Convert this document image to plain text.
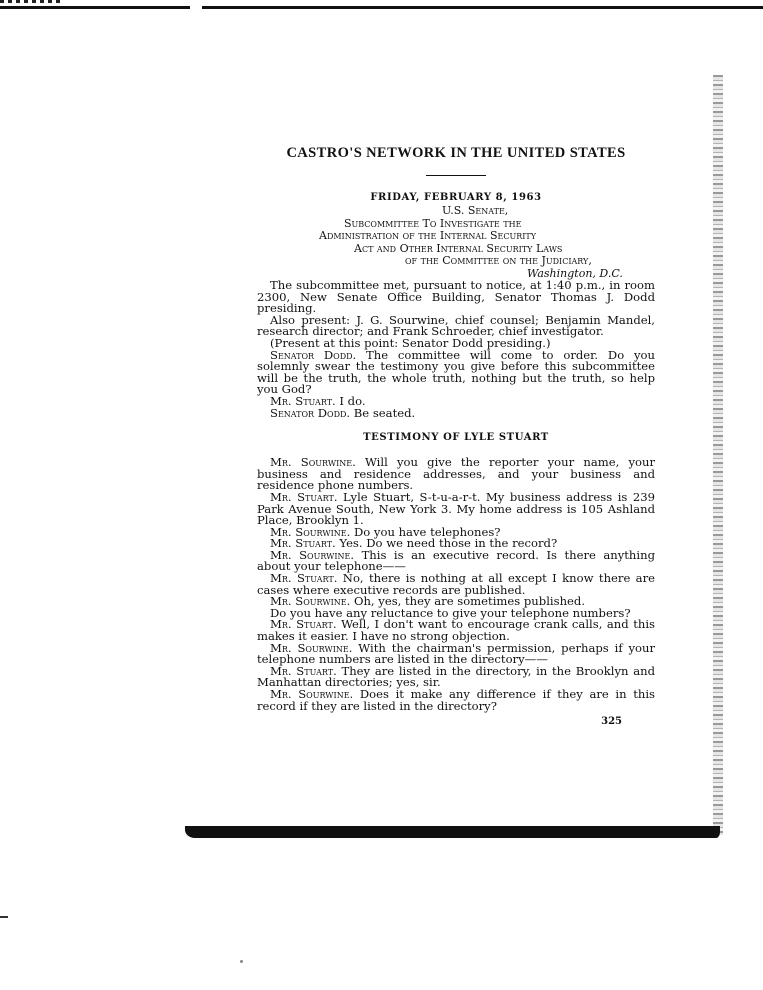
CASTRO'S NETWORK IN THE UNITED STATES
FRIDAY, FEBRUARY 8, 1963
U.S. Senate,
Subcommittee To Investigate the
Administration of the Internal Security
Act and Other Internal Security Laws
of the Committee on the Judiciary,
Washington, D.C.

The subcommittee met, pursuant to notice, at 1:40 p.m., in room 2300, New Senate Office Building, Senator Thomas J. Dodd presiding.

Also present: J. G. Sourwine, chief counsel; Benjamin Mandel, research director; and Frank Schroeder, chief investigator.

(Present at this point: Senator Dodd presiding.)

Senator Dodd. The committee will come to order. Do you solemnly swear the testimony you give before this subcommittee will be the truth, the whole truth, nothing but the truth, so help you God?

Mr. Stuart. I do.

Senator Dodd. Be seated.

TESTIMONY OF LYLE STUART

Mr. Sourwine. Will you give the reporter your name, your business and residence addresses, and your business and residence phone numbers.

Mr. Stuart. Lyle Stuart, S-t-u-a-r-t. My business address is 239 Park Avenue South, New York 3. My home address is 105 Ashland Place, Brooklyn 1.

Mr. Sourwine. Do you have telephones?

Mr. Stuart. Yes. Do we need those in the record?

Mr. Sourwine. This is an executive record. Is there anything about your telephone——

Mr. Stuart. No, there is nothing at all except I know there are cases where executive records are published.

Mr. Sourwine. Oh, yes, they are sometimes published.

Do you have any reluctance to give your telephone numbers?

Mr. Stuart. Well, I don't want to encourage crank calls, and this makes it easier. I have no strong objection.

Mr. Sourwine. With the chairman's permission, perhaps if your telephone numbers are listed in the directory——

Mr. Stuart. They are listed in the directory, in the Brooklyn and Manhattan directories; yes, sir.

Mr. Sourwine. Does it make any difference if they are in this record if they are listed in the directory?

325
